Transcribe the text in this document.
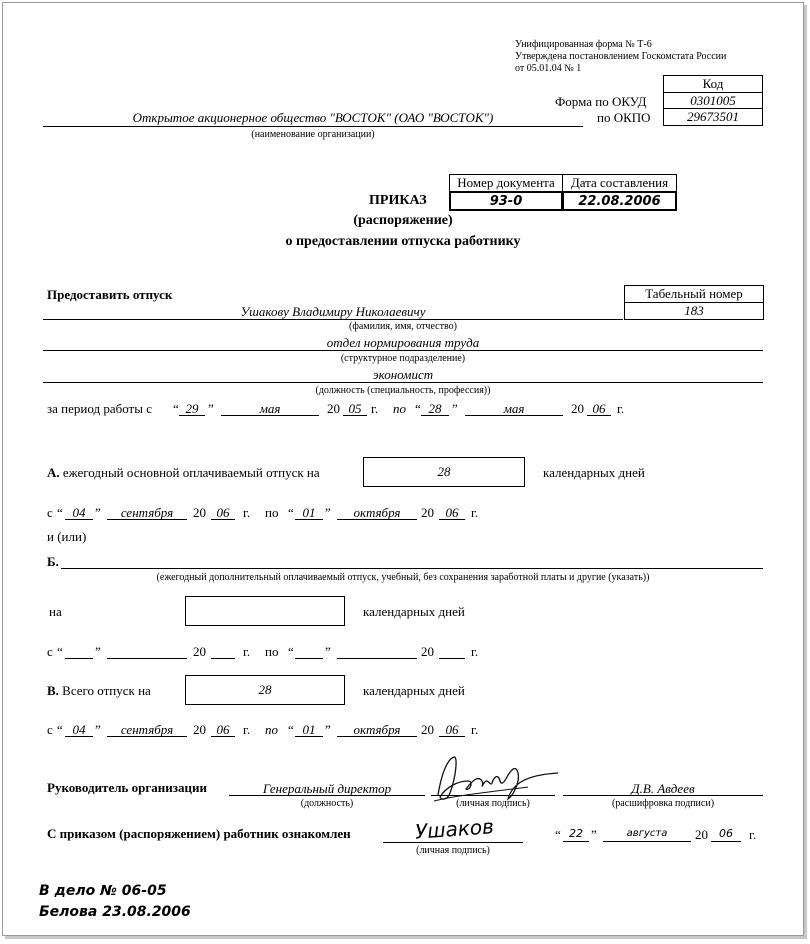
Унифицированная форма № Т-6
Утверждена постановлением Госкомстата России
от 05.01.04 № 1
Код
0301005
29673501
Форма по ОКУД
по ОКПО
Открытое акционерное общество "ВОСТОК" (ОАО "ВОСТОК")
(наименование организации)
Номер документа	Дата составления
93-0	22.08.2006
ПРИКАЗ
(распоряжение)
о предоставлении отпуска работнику
Предоставить отпуск	Табельный номер
183
Ушакову Владимиру Николаевичу
(фамилия, имя, отчество)
отдел нормирования труда
(структурное подразделение)
экономист
(должность (специальность, профессия))
за период работы с “ 29 ”	мая	20 05 г. по “ 28 ”	мая	20 06 г.
А. ежегодный основной оплачиваемый отпуск на	28	календарных дней
с “ 04 ”	сентября	20 06	г. по “ 01 ”	октября	20 06 г.
и (или)
Б.
(ежегодный дополнительный оплачиваемый отпуск, учебный, без сохранения заработной платы и другие (указать))
на	календарных дней
с “ ”	20	г. по “ ”	20	г.
В. Всего отпуск на	28	календарных дней
с “ 04 ”	сентября	20 06	г. по “ 01 ”	октября	20 06 г.
Руководитель организации	Генеральный директор
(должность)	(личная подпись)
Д.В. Авдеев
(расшифровка подписи)
С приказом (распоряжением) работник ознакомлен
(личная подпись)
Ушаков	“ 22 ”	августа	20	06	г.
В дело № 06-05
Белова 23.08.2006
